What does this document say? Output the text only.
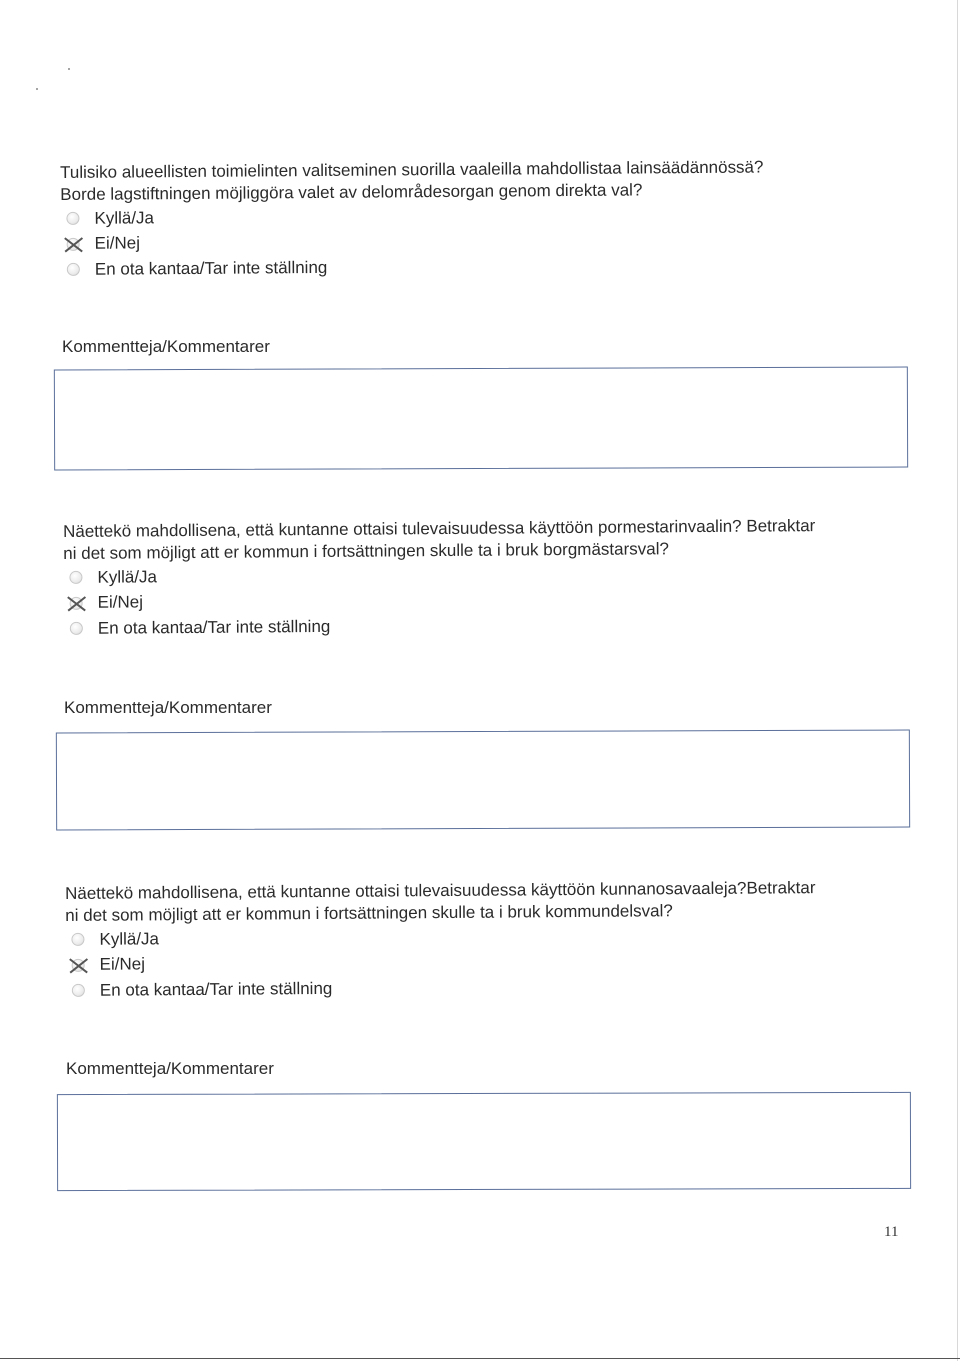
Tulisiko alueellisten toimielinten valitseminen suorilla vaaleilla mahdollistaa lainsäädännössä?
Borde lagstiftningen möjliggöra valet av delområdesorgan genom direkta val?

Kyllä/Ja
Ei/Nej
En ota kantaa/Tar inte ställning
Kommentteja/Kommentarer

Näettekö mahdollisena, että kuntanne ottaisi tulevaisuudessa käyttöön pormestarinvaalin? Betraktar
ni det som möjligt att er kommun i fortsättningen skulle ta i bruk borgmästarsval?

Kyllä/Ja
Ei/Nej
En ota kantaa/Tar inte ställning
Kommentteja/Kommentarer

Näettekö mahdollisena, että kuntanne ottaisi tulevaisuudessa käyttöön kunnanosavaaleja?Betraktar
ni det som möjligt att er kommun i fortsättningen skulle ta i bruk kommundelsval?

Kyllä/Ja
Ei/Nej
En ota kantaa/Tar inte ställning
Kommentteja/Kommentarer
11
